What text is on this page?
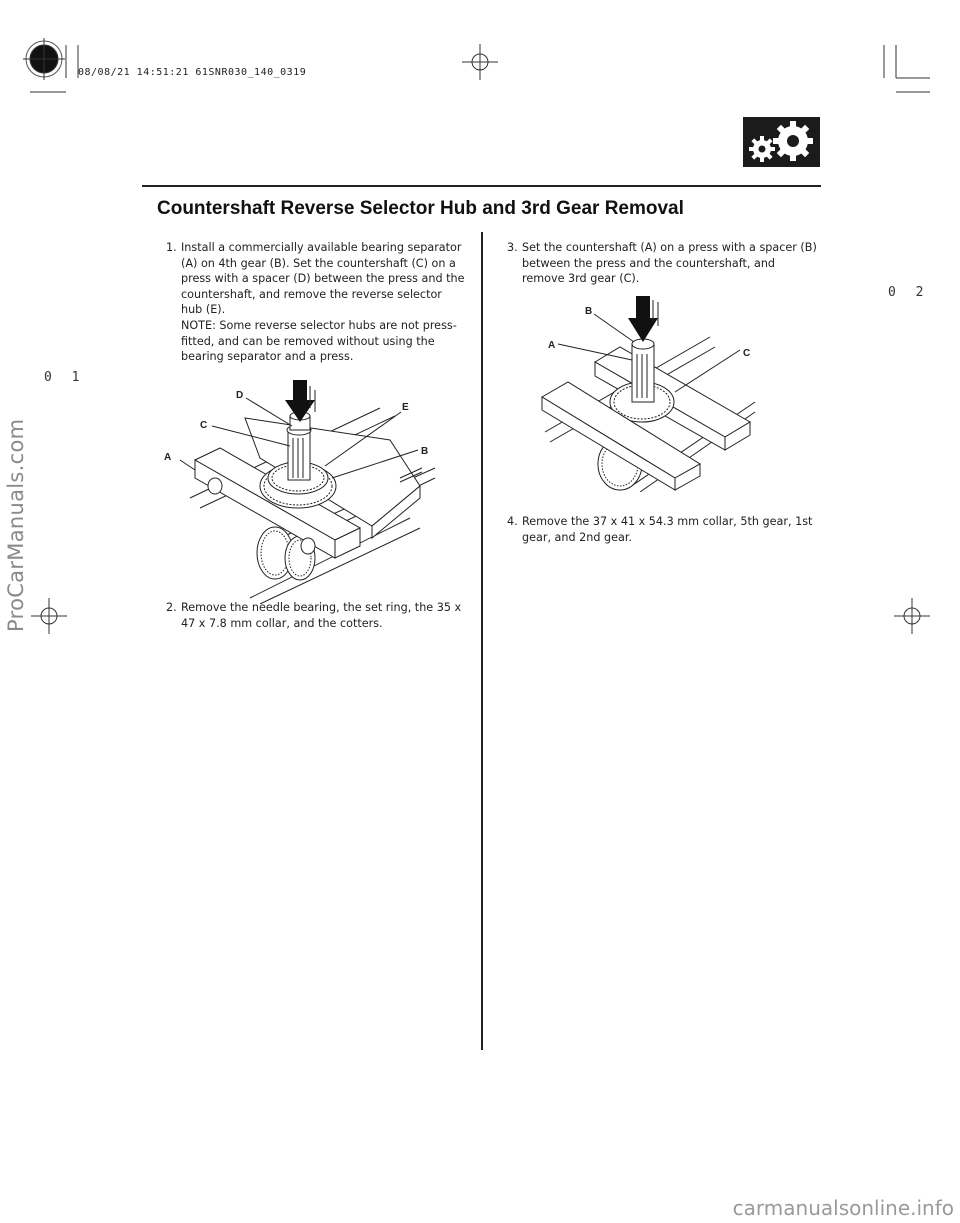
08/08/21 14:51:21 61SNR030_140_0319
Countershaft Reverse Selector Hub and 3rd Gear Removal
0 2
0 1
1. Install a commercially available bearing separator (A) on 4th gear (B). Set the countershaft (C) on a press with a spacer (D) between the press and the countershaft, and remove the reverse selector hub (E).

NOTE: Some reverse selector hubs are not press-fitted, and can be removed without using the bearing separator and a press.

D
C
A
E
B
2. Remove the needle bearing, the set ring, the 35 x 47 x 7.8 mm collar, and the cotters.

3. Set the countershaft (A) on a press with a spacer (B) between the press and the countershaft, and remove 3rd gear (C).

B
A
C
4. Remove the 37 x 41 x 54.3 mm collar, 5th gear, 1st gear, and 2nd gear.

ProCarManuals.com
carmanualsonline.info
